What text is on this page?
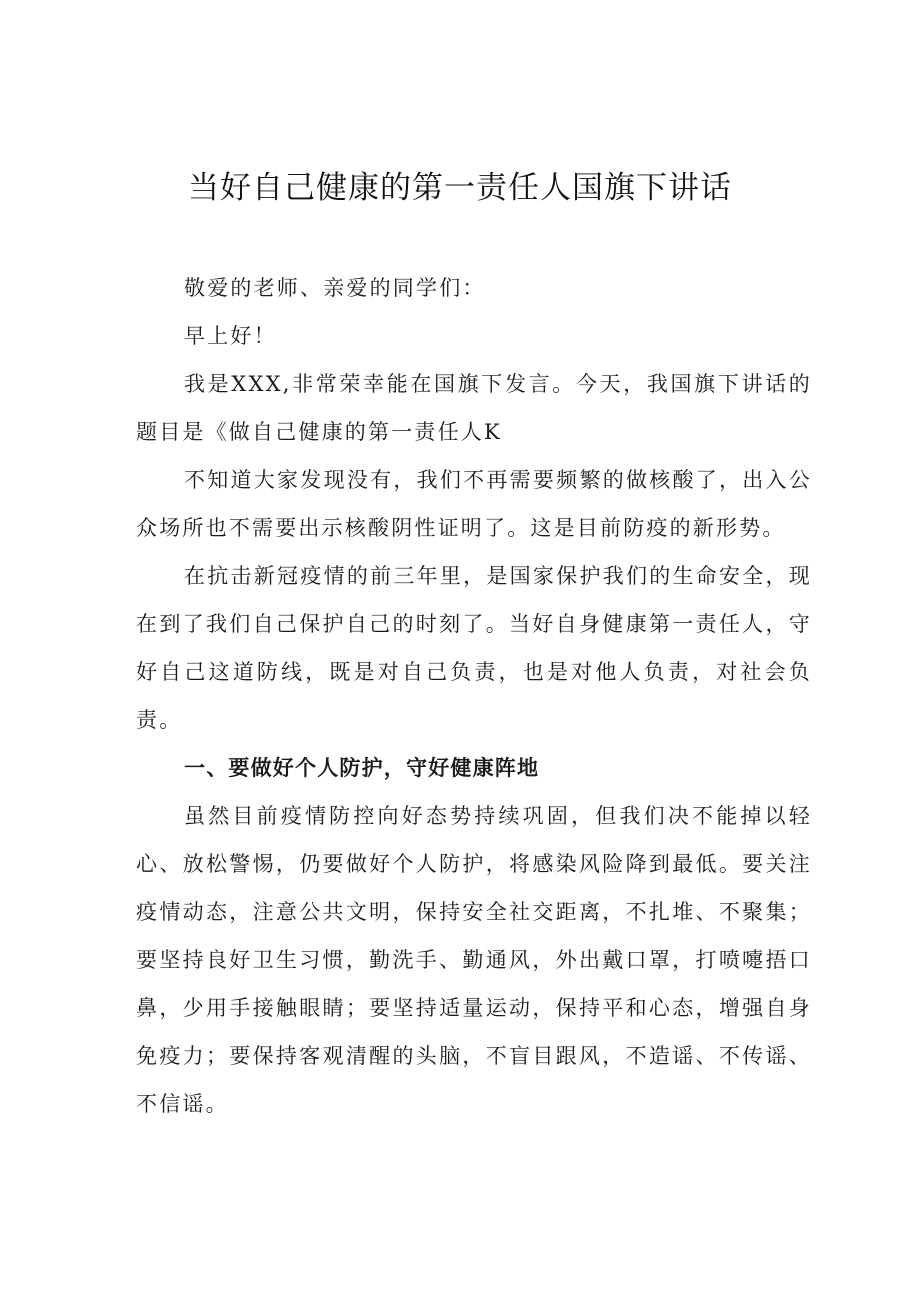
当好自己健康的第一责任人国旗下讲话

敬爱的老师、亲爱的同学们：

早上好！

我是XXX,非常荣幸能在国旗下发言。今天，我国旗下讲话的题目是《做自己健康的第一责任人K

不知道大家发现没有，我们不再需要频繁的做核酸了，出入公众场所也不需要出示核酸阴性证明了。这是目前防疫的新形势。

在抗击新冠疫情的前三年里，是国家保护我们的生命安全，现在到了我们自己保护自己的时刻了。当好自身健康第一责任人，守好自己这道防线，既是对自己负责，也是对他人负责，对社会负责。

一、要做好个人防护，守好健康阵地

虽然目前疫情防控向好态势持续巩固，但我们决不能掉以轻心、放松警惕，仍要做好个人防护，将感染风险降到最低。要关注疫情动态，注意公共文明，保持安全社交距离，不扎堆、不聚集；要坚持良好卫生习惯，勤洗手、勤通风，外出戴口罩，打喷嚏捂口鼻，少用手接触眼睛；要坚持适量运动，保持平和心态，增强自身免疫力；要保持客观清醒的头脑，不盲目跟风，不造谣、不传谣、不信谣。
